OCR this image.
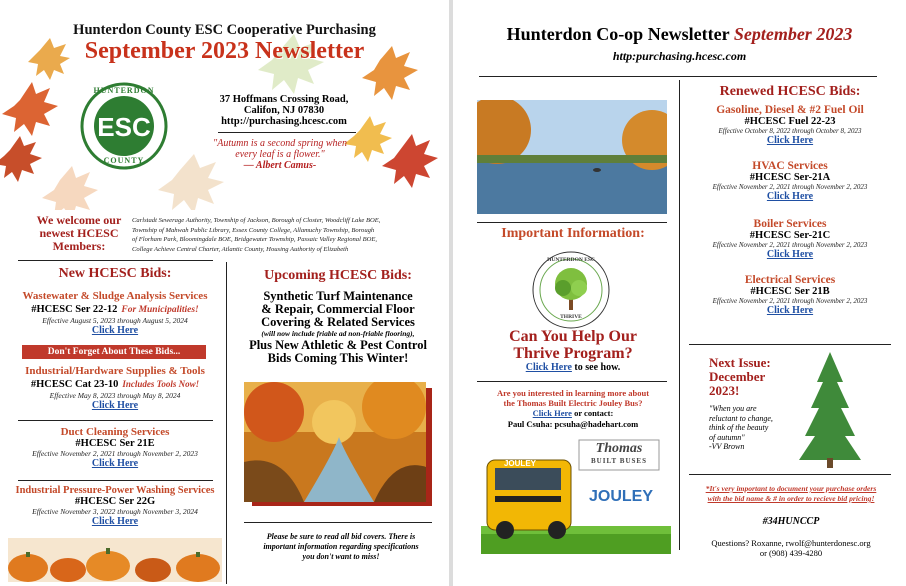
Hunterdon County ESC Cooperative Purchasing
September 2023 Newsletter
HUNTERDON
ESC
COUNTY
37 Hoffmans Crossing Road,
Califon, NJ 07830
http://purchasing.hcesc.com
"Autumn is a second spring when
every leaf is a flower."
— Albert Camus-
We welcome our
newest HCESC
Members:
Carlstadt Sewerage Authority, Township of Jackson, Borough of Closter, Woodcliff Lake BOE,
Township of Mahwah Public Library, Essex County College, Allamuchy Township, Borough
of Florham Park, Bloomingdale BOE, Bridgewater Township, Passaic Valley Regional BOE,
College Achieve Central Charter, Atlantic County, Housing Authority of Elizabeth
New HCESC Bids:
Wastewater & Sludge Analysis Services
#HCESC Ser 22-12 For Municipalities!
Effective August 5, 2023 through August 5, 2024
Click Here
Don't Forget About These Bids...
Industrial/Hardware Supplies & Tools
#HCESC Cat 23-10 Includes Tools Now!
Effective May 8, 2023 through May 8, 2024
Click Here
Duct Cleaning Services
#HCESC Ser 21E
Effective November 2, 2021 through November 2, 2023
Click Here
Industrial Pressure-Power Washing Services
#HCESC Ser 22G
Effective November 3, 2022 through November 3, 2024
Click Here
Upcoming HCESC Bids:
Synthetic Turf Maintenance
& Repair, Commercial Floor
Covering & Related Services
(will now include friable ad non-friable flooring),
Plus New Athletic & Pest Control
Bids Coming This Winter!
Please be sure to read all bid covers. There is
important information regarding specifications
you don't want to miss!
Hunterdon Co-op Newsletter September 2023
http:purchasing.hcesc.com
Important Information:
HUNTERDON ESC
THRIVE
Can You Help Our
Thrive Program?
Click Here to see how.
Are you interested in learning more about
the Thomas Built Electric Jouley Bus?
Click Here or contact:
Paul Csuha: pcsuha@hadehart.com
JOULEY
Thomas
BUILT BUSES
JOULEY
Renewed HCESC Bids:
Gasoline, Diesel & #2 Fuel Oil
#HCESC Fuel 22-23
Effective October 8, 2022 through October 8, 2023
Click Here
HVAC Services
#HCESC Ser-21A
Effective November 2, 2021 through November 2, 2023
Click Here
Boiler Services
#HCESC Ser-21C
Effective November 2, 2021 through November 2, 2023
Click Here
Electrical Services
#HCESC Ser 21B
Effective November 2, 2021 through November 2, 2023
Click Here
Next Issue:
December
2023!
"When you are
reluctant to change,
think of the beauty
of autumn"
-VV Brown
*It's very important to document your purchase orders
with the bid name & # in order to recieve bid pricing!
#34HUNCCP
Questions? Roxanne, rwolf@hunterdonesc.org
or (908) 439-4280
